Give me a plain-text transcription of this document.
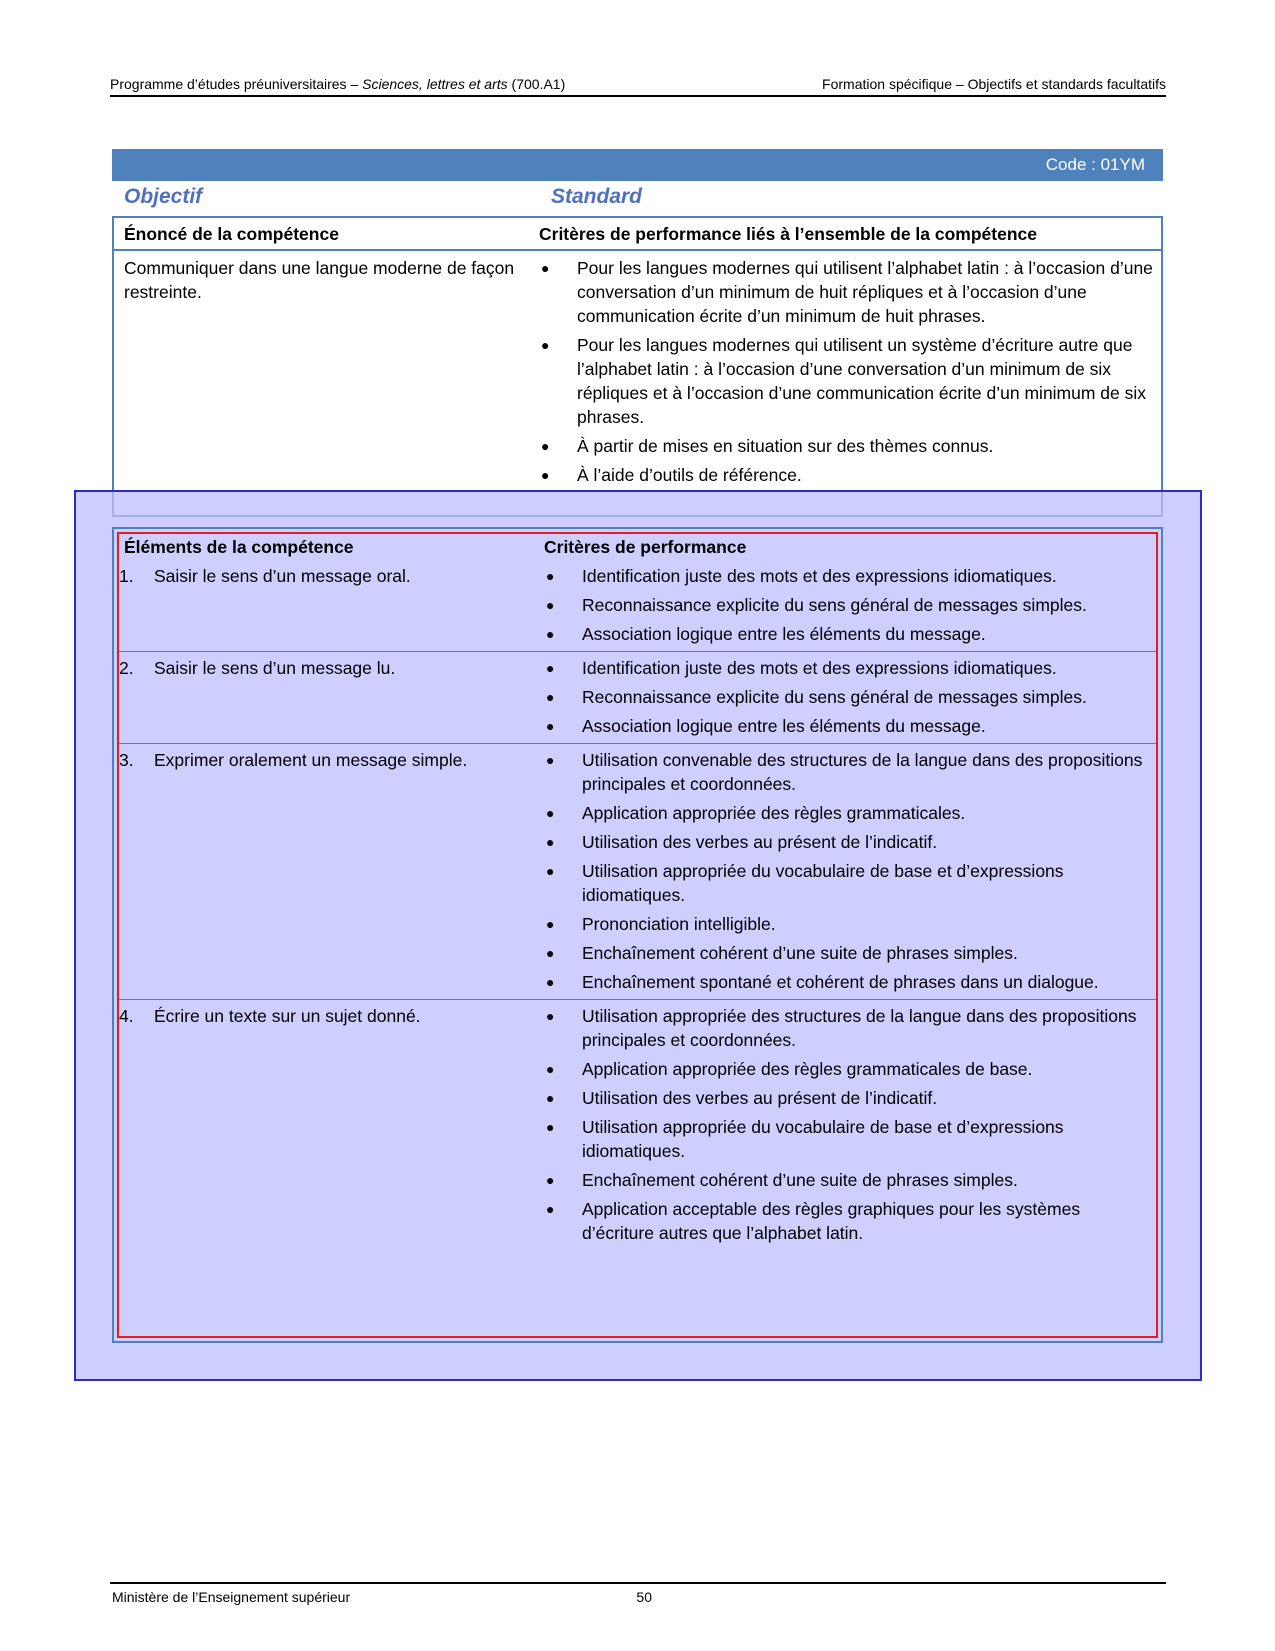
Programme d’études préuniversitaires – Sciences, lettres et arts (700.A1)	Formation spécifique – Objectifs et standards facultatifs
Code : 01YM
Objectif	Standard
Énoncé de la compétence	Critères de performance liés à l’ensemble de la compétence
Communiquer dans une langue moderne de façon restreinte.
●	Pour les langues modernes qui utilisent l’alphabet latin : à l’occasion d’une conversation d’un minimum de huit répliques et à l’occasion d’une communication écrite d’un minimum de huit phrases.
●	Pour les langues modernes qui utilisent un système d’écriture autre que l’alphabet latin : à l’occasion d’une conversation d’un minimum de six répliques et à l’occasion d’une communication écrite d’un minimum de six phrases.
●	À partir de mises en situation sur des thèmes connus.
●	À l’aide d’outils de référence.
Éléments de la compétence	Critères de performance
1. Saisir le sens d’un message oral.	●	Identification juste des mots et des expressions idiomatiques.
●	Reconnaissance explicite du sens général de messages simples.
●	Association logique entre les éléments du message.
2. Saisir le sens d’un message lu.	●	Identification juste des mots et des expressions idiomatiques.
●	Reconnaissance explicite du sens général de messages simples.
●	Association logique entre les éléments du message.
3. Exprimer oralement un message simple.	●	Utilisation convenable des structures de la langue dans des propositions principales et coordonnées.
●	Application appropriée des règles grammaticales.
●	Utilisation des verbes au présent de l’indicatif.
●	Utilisation appropriée du vocabulaire de base et d’expressions idiomatiques.
●	Prononciation intelligible.
●	Enchaînement cohérent d’une suite de phrases simples.
●	Enchaînement spontané et cohérent de phrases dans un dialogue.
4. Écrire un texte sur un sujet donné.	●	Utilisation appropriée des structures de la langue dans des propositions principales et coordonnées.
●	Application appropriée des règles grammaticales de base.
●	Utilisation des verbes au présent de l’indicatif.
●	Utilisation appropriée du vocabulaire de base et d’expressions idiomatiques.
●	Enchaînement cohérent d’une suite de phrases simples.
●	Application acceptable des règles graphiques pour les systèmes d’écriture autres que l’alphabet latin.
Ministère de l’Enseignement supérieur	50
